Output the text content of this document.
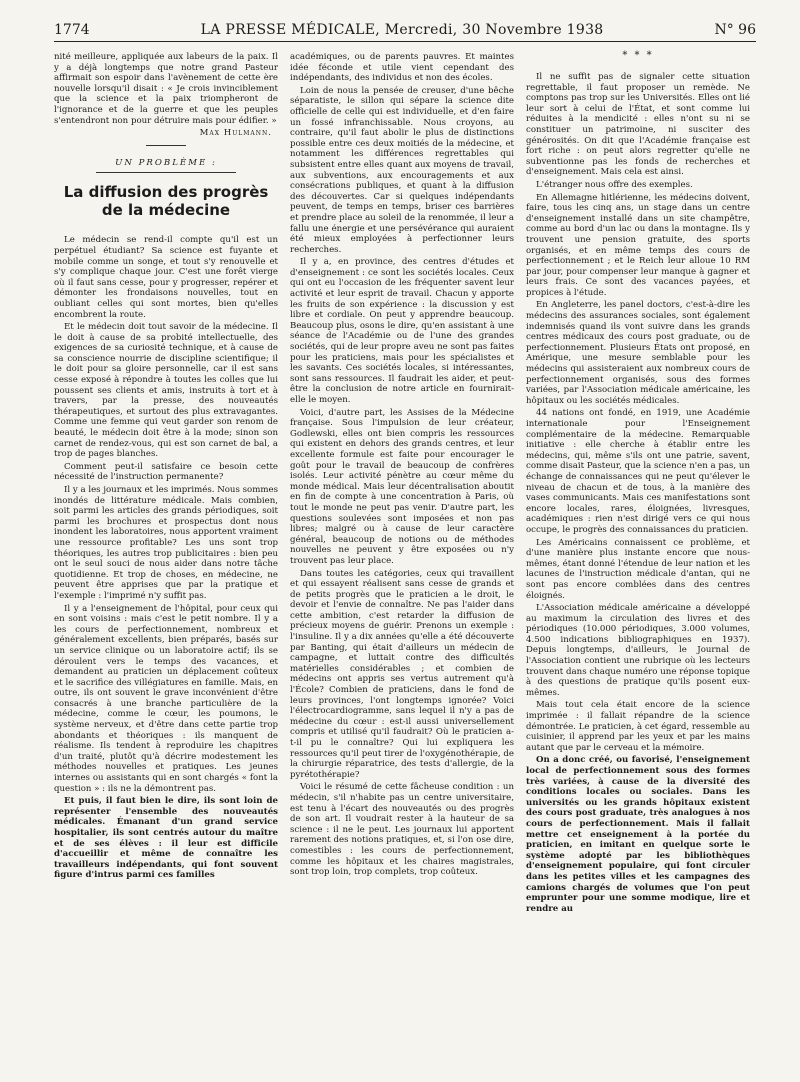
1774	LA PRESSE MÉDICALE, Mercredi, 30 Novembre 1938	N° 96

nité meilleure, appliquée aux labeurs de la paix. Il y a déjà longtemps que notre grand Pasteur affirmait son espoir dans l'avènement de cette ère nouvelle lorsqu'il disait : « Je crois invinciblement que la science et la paix triompheront de l'ignorance et de la guerre et que les peuples s'entendront non pour détruire mais pour édifier. »

Max Hulmann.
UN PROBLÈME :
La diffusion des progrès
de la médecine

Le médecin se rend-il compte qu'il est un perpétuel étudiant? Sa science est fuyante et mobile comme un songe, et tout s'y renouvelle et s'y complique chaque jour. C'est une forêt vierge où il faut sans cesse, pour y progresser, repérer et démonter les frondaisons nouvelles, tout en oubliant celles qui sont mortes, bien qu'elles encombrent la route.

Et le médecin doit tout savoir de la médecine. Il le doit à cause de sa probité intellectuelle, des exigences de sa curiosité technique, et à cause de sa conscience nourrie de discipline scientifique; il le doit pour sa gloire personnelle, car il est sans cesse exposé à répondre à toutes les colles que lui poussent ses clients et amis, instruits à tort et à travers, par la presse, des nouveautés thérapeutiques, et surtout des plus extravagantes. Comme une femme qui veut garder son renom de beauté, le médecin doit être à la mode; sinon son carnet de rendez-vous, qui est son carnet de bal, a trop de pages blanches.

Comment peut-il satisfaire ce besoin cette nécessité de l'instruction permanente?

Il y a les journaux et les imprimés. Nous sommes inondés de littérature médicale. Mais combien, soit parmi les articles des grands périodiques, soit parmi les brochures et prospectus dont nous inondent les laboratoires, nous apportent vraiment une ressource profitable? Les uns sont trop théoriques, les autres trop publicitaires : bien peu ont le seul souci de nous aider dans notre tâche quotidienne. Et trop de choses, en médecine, ne peuvent être apprises que par la pratique et l'exemple : l'imprimé n'y suffit pas.

Il y a l'enseignement de l'hôpital, pour ceux qui en sont voisins : mais c'est le petit nombre. Il y a les cours de perfectionnement, nombreux et généralement excellents, bien préparés, basés sur un service clinique ou un laboratoire actif; ils se déroulent vers le temps des vacances, et demandent au praticien un déplacement coûteux et le sacrifice des villégiatures en famille. Mais, en outre, ils ont souvent le grave inconvénient d'être consacrés à une branche particulière de la médecine, comme le cœur, les poumons, le système nerveux, et d'être dans cette partie trop abondants et théoriques : ils manquent de réalisme. Ils tendent à reproduire les chapitres d'un traité, plutôt qu'à décrire modestement les méthodes nouvelles et pratiques. Les jeunes internes ou assistants qui en sont chargés « font la question » : ils ne la démontrent pas.

Et puis, il faut bien le dire, ils sont loin de représenter l'ensemble des nouveautés médicales. Émanant d'un grand service hospitalier, ils sont centrés autour du maître et de ses élèves : il leur est difficile d'accueillir et même de connaître les travailleurs indépendants, qui font souvent figure d'intrus parmi ces familles

académiques, ou de parents pauvres. Et maintes idée féconde et utile vient cependant des indépendants, des individus et non des écoles.

Loin de nous la pensée de creuser, d'une bêche séparatiste, le sillon qui sépare la science dite officielle de celle qui est individuelle, et d'en faire un fossé infranchissable. Nous croyons, au contraire, qu'il faut abolir le plus de distinctions possible entre ces deux moitiés de la médecine, et notamment les différences regrettables qui subsistent entre elles quant aux moyens de travail, aux subventions, aux encouragements et aux consécrations publiques, et quant à la diffusion des découvertes. Car si quelques indépendants peuvent, de temps en temps, briser ces barrières et prendre place au soleil de la renommée, il leur a fallu une énergie et une persévérance qui auraient été mieux employées à perfectionner leurs recherches.

Il y a, en province, des centres d'études et d'enseignement : ce sont les sociétés locales. Ceux qui ont eu l'occasion de les fréquenter savent leur activité et leur esprit de travail. Chacun y apporte les fruits de son expérience : la discussion y est libre et cordiale. On peut y apprendre beaucoup. Beaucoup plus, osons le dire, qu'en assistant à une séance de l'Académie ou de l'une des grandes sociétés, qui de leur propre aveu ne sont pas faites pour les praticiens, mais pour les spécialistes et les savants. Ces sociétés locales, si intéressantes, sont sans ressources. Il faudrait les aider, et peut-être la conclusion de notre article en fournirait-elle le moyen.

Voici, d'autre part, les Assises de la Médecine française. Sous l'impulsion de leur créateur, Godlewski, elles ont bien compris les ressources qui existent en dehors des grands centres, et leur excellente formule est faite pour encourager le goût pour le travail de beaucoup de confrères isolés. Leur activité pénètre au cœur même du monde médical. Mais leur décentralisation aboutit en fin de compte à une concentration à Paris, où tout le monde ne peut pas venir. D'autre part, les questions soulevées sont imposées et non pas libres; malgré ou à cause de leur caractère général, beaucoup de notions ou de méthodes nouvelles ne peuvent y être exposées ou n'y trouvent pas leur place.

Dans toutes les catégories, ceux qui travaillent et qui essayent réalisent sans cesse de grands et de petits progrès que le praticien a le droit, le devoir et l'envie de connaître. Ne pas l'aider dans cette ambition, c'est retarder la diffusion de précieux moyens de guérir. Prenons un exemple : l'insuline. Il y a dix années qu'elle a été découverte par Banting, qui était d'ailleurs un médecin de campagne, et luttait contre des difficultés matérielles considérables ; et combien de médecins ont appris ses vertus autrement qu'à l'École? Combien de praticiens, dans le fond de leurs provinces, l'ont longtemps ignorée? Voici l'électrocardiogramme, sans lequel il n'y a pas de médecine du cœur : est-il aussi universellement compris et utilisé qu'il faudrait? Où le praticien a-t-il pu le connaître? Qui lui expliquera les ressources qu'il peut tirer de l'oxygénothérapie, de la chirurgie réparatrice, des tests d'allergie, de la pyrétothérapie?

Voici le résumé de cette fâcheuse condition : un médecin, s'il n'habite pas un centre universitaire, est tenu à l'écart des nouveautés ou des progrès de son art. Il voudrait rester à la hauteur de sa science : il ne le peut. Les journaux lui apportent rarement des notions pratiques, et, si l'on ose dire, comestibles : les cours de perfectionnement, comme les hôpitaux et les chaires magistrales, sont trop loin, trop complets, trop coûteux.

* * *

Il ne suffit pas de signaler cette situation regrettable, il faut proposer un remède. Ne comptons pas trop sur les Universités. Elles ont lié leur sort à celui de l'État, et sont comme lui réduites à la mendicité : elles n'ont su ni se constituer un patrimoine, ni susciter des générosités. On dit que l'Académie française est fort riche : on peut alors regretter qu'elle ne subventionne pas les fonds de recherches et d'enseignement. Mais cela est ainsi.

L'étranger nous offre des exemples.

En Allemagne hitlérienne, les médecins doivent, faire, tous les cinq ans, un stage dans un centre d'enseignement installé dans un site champêtre, comme au bord d'un lac ou dans la montagne. Ils y trouvent une pension gratuite, des sports organisés, et en même temps des cours de perfectionnement ; et le Reich leur alloue 10 RM par jour, pour compenser leur manque à gagner et leurs frais. Ce sont des vacances payées, et propices à l'étude.

En Angleterre, les panel doctors, c'est-à-dire les médecins des assurances sociales, sont également indemnisés quand ils vont suivre dans les grands centres médicaux des cours post graduate, ou de perfectionnement. Plusieurs États ont proposé, en Amérique, une mesure semblable pour les médecins qui assisteraient aux nombreux cours de perfectionnement organisés, sous des formes variées, par l'Association médicale américaine, les hôpitaux ou les sociétés médicales.

44 nations ont fondé, en 1919, une Académie internationale pour l'Enseignement complémentaire de la médecine. Remarquable initiative : elle cherche à établir entre les médecins, qui, même s'ils ont une patrie, savent, comme disait Pasteur, que la science n'en a pas, un échange de connaissances qui ne peut qu'élever le niveau de chacun et de tous, à la manière des vases communicants. Mais ces manifestations sont encore locales, rares, éloignées, livresques, académiques : rien n'est dirigé vers ce qui nous occupe, le progrès des connaissances du praticien.

Les Américains connaissent ce problème, et d'une manière plus instante encore que nous-mêmes, étant donné l'étendue de leur nation et les lacunes de l'instruction médicale d'antan, qui ne sont pas encore comblées dans des centres éloignés.

L'Association médicale américaine a développé au maximum la circulation des livres et des périodiques (10.000 périodiques, 3.000 volumes, 4.500 indications bibliographiques en 1937). Depuis longtemps, d'ailleurs, le Journal de l'Association contient une rubrique où les lecteurs trouvent dans chaque numéro une réponse topique à des questions de pratique qu'ils posent eux-mêmes.

Mais tout cela était encore de la science imprimée : il fallait répandre de la science démontrée. Le praticien, à cet égard, ressemble au cuisinier, il apprend par les yeux et par les mains autant que par le cerveau et la mémoire.

On a donc créé, ou favorisé, l'enseignement local de perfectionnement sous des formes très variées, à cause de la diversité des conditions locales ou sociales. Dans les universités ou les grands hôpitaux existent des cours post graduate, très analogues à nos cours de perfectionnement. Mais il fallait mettre cet enseignement à la portée du praticien, en imitant en quelque sorte le système adopté par les bibliothèques d'enseignement populaire, qui font circuler dans les petites villes et les campagnes des camions chargés de volumes que l'on peut emprunter pour une somme modique, lire et rendre au
